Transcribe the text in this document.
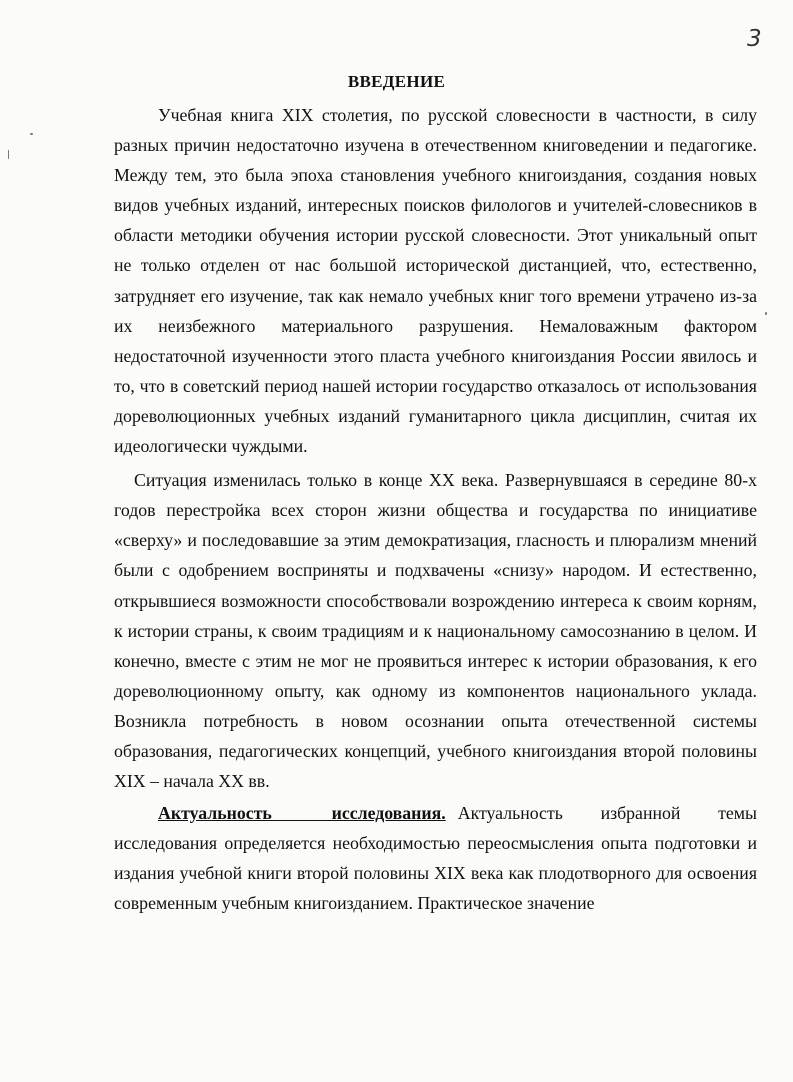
3
ВВЕДЕНИЕ

Учебная книга XIX столетия, по русской словесности в частности, в силу разных причин недостаточно изучена в отечественном книговедении и педагогике. Между тем, это была эпоха становления учебного книгоиздания, создания новых видов учебных изданий, интересных поисков филологов и учителей-словесников в области методики обучения истории русской словесности. Этот уникальный опыт не только отделен от нас большой исторической дистанцией, что, естественно, затрудняет его изучение, так как немало учебных книг того времени утрачено из-за их неизбежного материального разрушения. Немаловажным фактором недостаточной изученности этого пласта учебного книгоиздания России явилось и то, что в советский период нашей истории государство отказалось от использования дореволюционных учебных изданий гуманитарного цикла дисциплин, считая их идеологически чуждыми.

Ситуация изменилась только в конце XX века. Развернувшаяся в середине 80-х годов перестройка всех сторон жизни общества и государства по инициативе «сверху» и последовавшие за этим демократизация, гласность и плюрализм мнений были с одобрением восприняты и подхвачены «снизу» народом. И естественно, открывшиеся возможности способствовали возрождению интереса к своим корням, к истории страны, к своим традициям и к национальному самосознанию в целом. И конечно, вместе с этим не мог не проявиться интерес к истории образования, к его дореволюционному опыту, как одному из компонентов национального уклада. Возникла потребность в новом осознании опыта отечественной системы образования, педагогических концепций, учебного книгоиздания второй половины XIX – начала XX вв.

Актуальность исследования. Актуальность избранной темы исследования определяется необходимостью переосмысления опыта подготовки и издания учебной книги второй половины XIX века как плодотворного для освоения современным учебным книгоизданием. Практическое значение
